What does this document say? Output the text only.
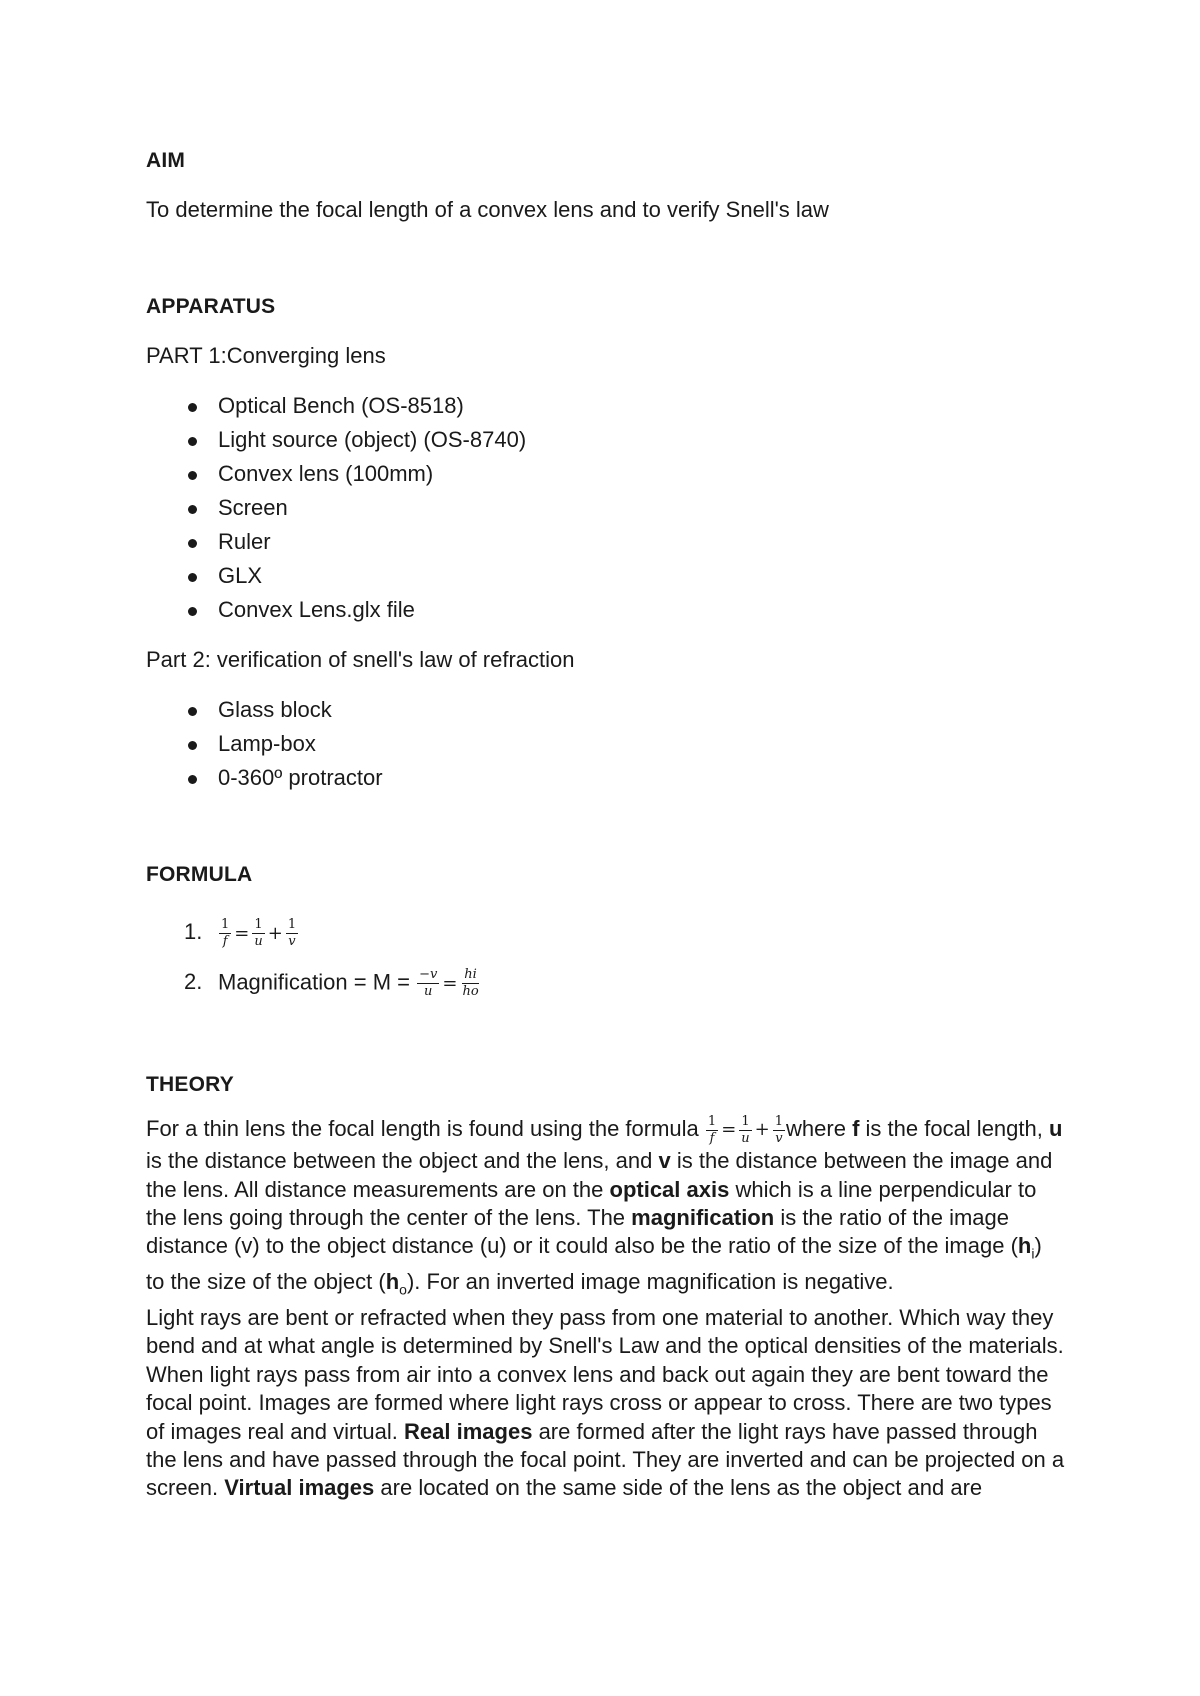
AIM

To determine the focal length of a convex lens and to verify Snell's law

APPARATUS

PART 1:Converging lens

Optical Bench (OS-8518)
Light source (object) (OS-8740)
Convex lens (100mm)
Screen
Ruler
GLX
Convex Lens.glx file

Part 2: verification of snell's law of refraction

Glass block
Lamp-box
0-360º protractor
FORMULA
1. $\frac{1}{f} = \frac{1}{u} + \frac{1}{v}$
2. Magnification = $M = \frac{-v}{u} = \frac{hi}{ho}$
THEORY

For a thin lens the focal length is found using the formula $\frac{1}{f} = \frac{1}{u} + \frac{1}{v}$ where f is the focal length, u is the distance between the object and the lens, and v is the distance between the image and the lens. All distance measurements are on the optical axis which is a line perpendicular to the lens going through the center of the lens. The magnification is the ratio of the image distance (v) to the object distance (u) or it could also be the ratio of the size of the image $(h_i)$ to the size of the object $(h_o)$. For an inverted image magnification is negative.

Light rays are bent or refracted when they pass from one material to another. Which way they bend and at what angle is determined by Snell's Law and the optical densities of the materials. When light rays pass from air into a convex lens and back out again they are bent toward the focal point. Images are formed where light rays cross or appear to cross. There are two types of images real and virtual. Real images are formed after the light rays have passed through the lens and have passed through the focal point. They are inverted and can be projected on a screen. Virtual images are located on the same side of the lens as the object and are
